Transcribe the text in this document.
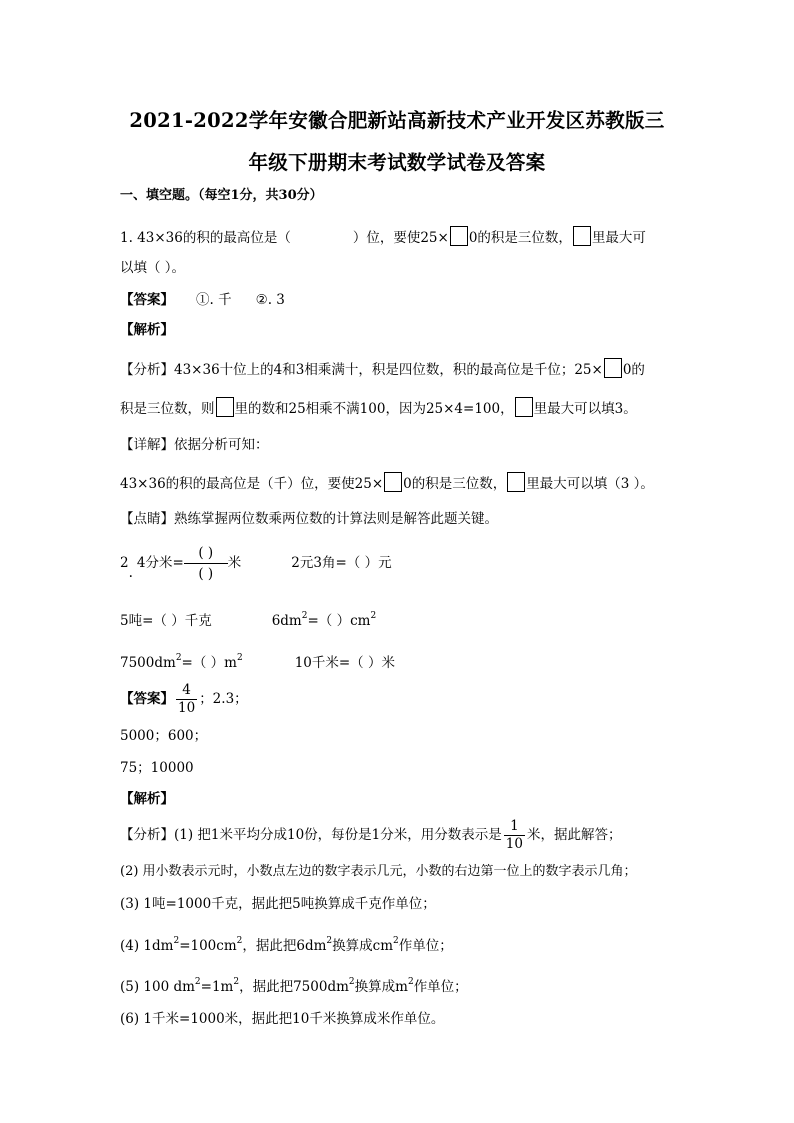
2021-2022学年安徽合肥新站高新技术产业开发区苏教版三
年级下册期末考试数学试卷及答案
一、填空题。（每空1分，共30分）
1. 43×36的积的最高位是（	）位，要使25× 0的积是三位数， 里最大可
以填（ ）。
【答案】 ①. 千 ②. 3
【解析】
【分析】43×36十位上的4和3相乘满十，积是四位数，积的最高位是千位；25× 0的
积是三位数，则 里的数和25相乘不满100，因为25×4=100， 里最大可以填3。
【详解】依据分析可知：
43×36的积的最高位是（千）位，要使25× 0的积是三位数， 里最大可以填（3 ）。
【点睛】熟练掌握两位数乘两位数的计算法则是解答此题关键。
2.4分米= $\frac{( )}{( )}$ 米	2元3角=（ ）元
5吨=（ ）千克	$6dm^2=$（ ）$cm^2$
$7500dm^2=$（ ）$m^2$	10千米=（ ）米
【答案】 $\frac{4}{10}$ ；2.3；
5000；600；
75；10000
【解析】
【分析】(1) 把1米平均分成10份，每份是1分米，用分数表示是 $\frac{1}{10}$ 米，据此解答；
(2) 用小数表示元时，小数点左边的数字表示几元，小数的右边第一位上的数字表示几角；
(3) 1吨=1000千克，据此把5吨换算成千克作单位；
(4) $1dm^2=100cm^2$，据此把$6dm^2$换算成$cm^2$作单位；
(5) 100 $dm^2=1m^2$，据此把$7500dm^2$换算成$m^2$作单位；
(6) 1千米=1000米，据此把10千米换算成米作单位。
